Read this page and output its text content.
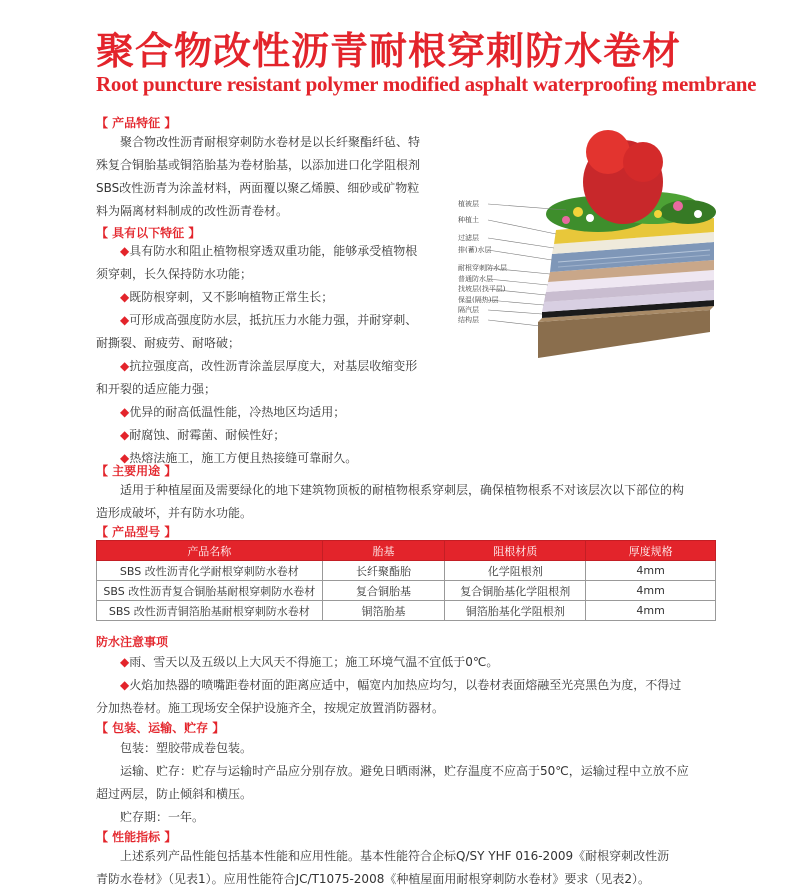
聚合物改性沥青耐根穿刺防水卷材
Root puncture resistant polymer modified asphalt waterproofing membrane
【 产品特征 】

聚合物改性沥青耐根穿刺防水卷材是以长纤聚酯纤毡、特

殊复合铜胎基或铜箔胎基为卷材胎基，以添加进口化学阻根剂

SBS改性沥青为涂盖材料，两面覆以聚乙烯膜、细砂或矿物粒

料为隔离材料制成的改性沥青卷材。

【 具有以下特征 】

◆具有防水和阻止植物根穿透双重功能，能够承受植物根

须穿刺，长久保持防水功能；

◆既防根穿刺，又不影响植物正常生长；

◆可形成高强度防水层，抵抗压力水能力强，并耐穿刺、

耐撕裂、耐疲劳、耐咯破；

◆抗拉强度高，改性沥青涂盖层厚度大，对基层收缩变形

和开裂的适应能力强；

◆优异的耐高低温性能，冷热地区均适用；

◆耐腐蚀、耐霉菌、耐候性好；

◆热熔法施工，施工方便且热接缝可靠耐久。

植被层
种植土
过滤层
排(蓄)水层
耐根穿刺防水层
普通防水层
找坡层(找平层)
保温(隔热)层
隔汽层
结构层
【 主要用途 】

适用于种植屋面及需要绿化的地下建筑物顶板的耐植物根系穿刺层，确保植物根系不对该层次以下部位的构

造形成破坏，并有防水功能。

【 产品型号 】
产品名称	胎基	阻根材质	厚度规格
SBS 改性沥青化学耐根穿刺防水卷材	长纤聚酯胎	化学阻根剂	4mm
SBS 改性沥青复合铜胎基耐根穿刺防水卷材	复合铜胎基	复合铜胎基化学阻根剂	4mm
SBS 改性沥青铜箔胎基耐根穿刺防水卷材	铜箔胎基	铜箔胎基化学阻根剂	4mm
防水注意事项

◆雨、雪天以及五级以上大风天不得施工；施工环境气温不宜低于0℃。

◆火焰加热器的喷嘴距卷材面的距离应适中，幅宽内加热应均匀，以卷材表面熔融至光亮黑色为度，不得过

分加热卷材。施工现场安全保护设施齐全，按规定放置消防器材。

【 包装、运输、贮存 】

包装：塑胶带成卷包装。

运输、贮存：贮存与运输时产品应分别存放。避免日晒雨淋，贮存温度不应高于50℃，运输过程中立放不应

超过两层，防止倾斜和横压。

贮存期：一年。

【 性能指标 】

上述系列产品性能包括基本性能和应用性能。基本性能符合企标Q/SY YHF 016-2009《耐根穿刺改性沥

青防水卷材》（见表1）。应用性能符合JC/T1075-2008《种植屋面用耐根穿刺防水卷材》要求（见表2）。
